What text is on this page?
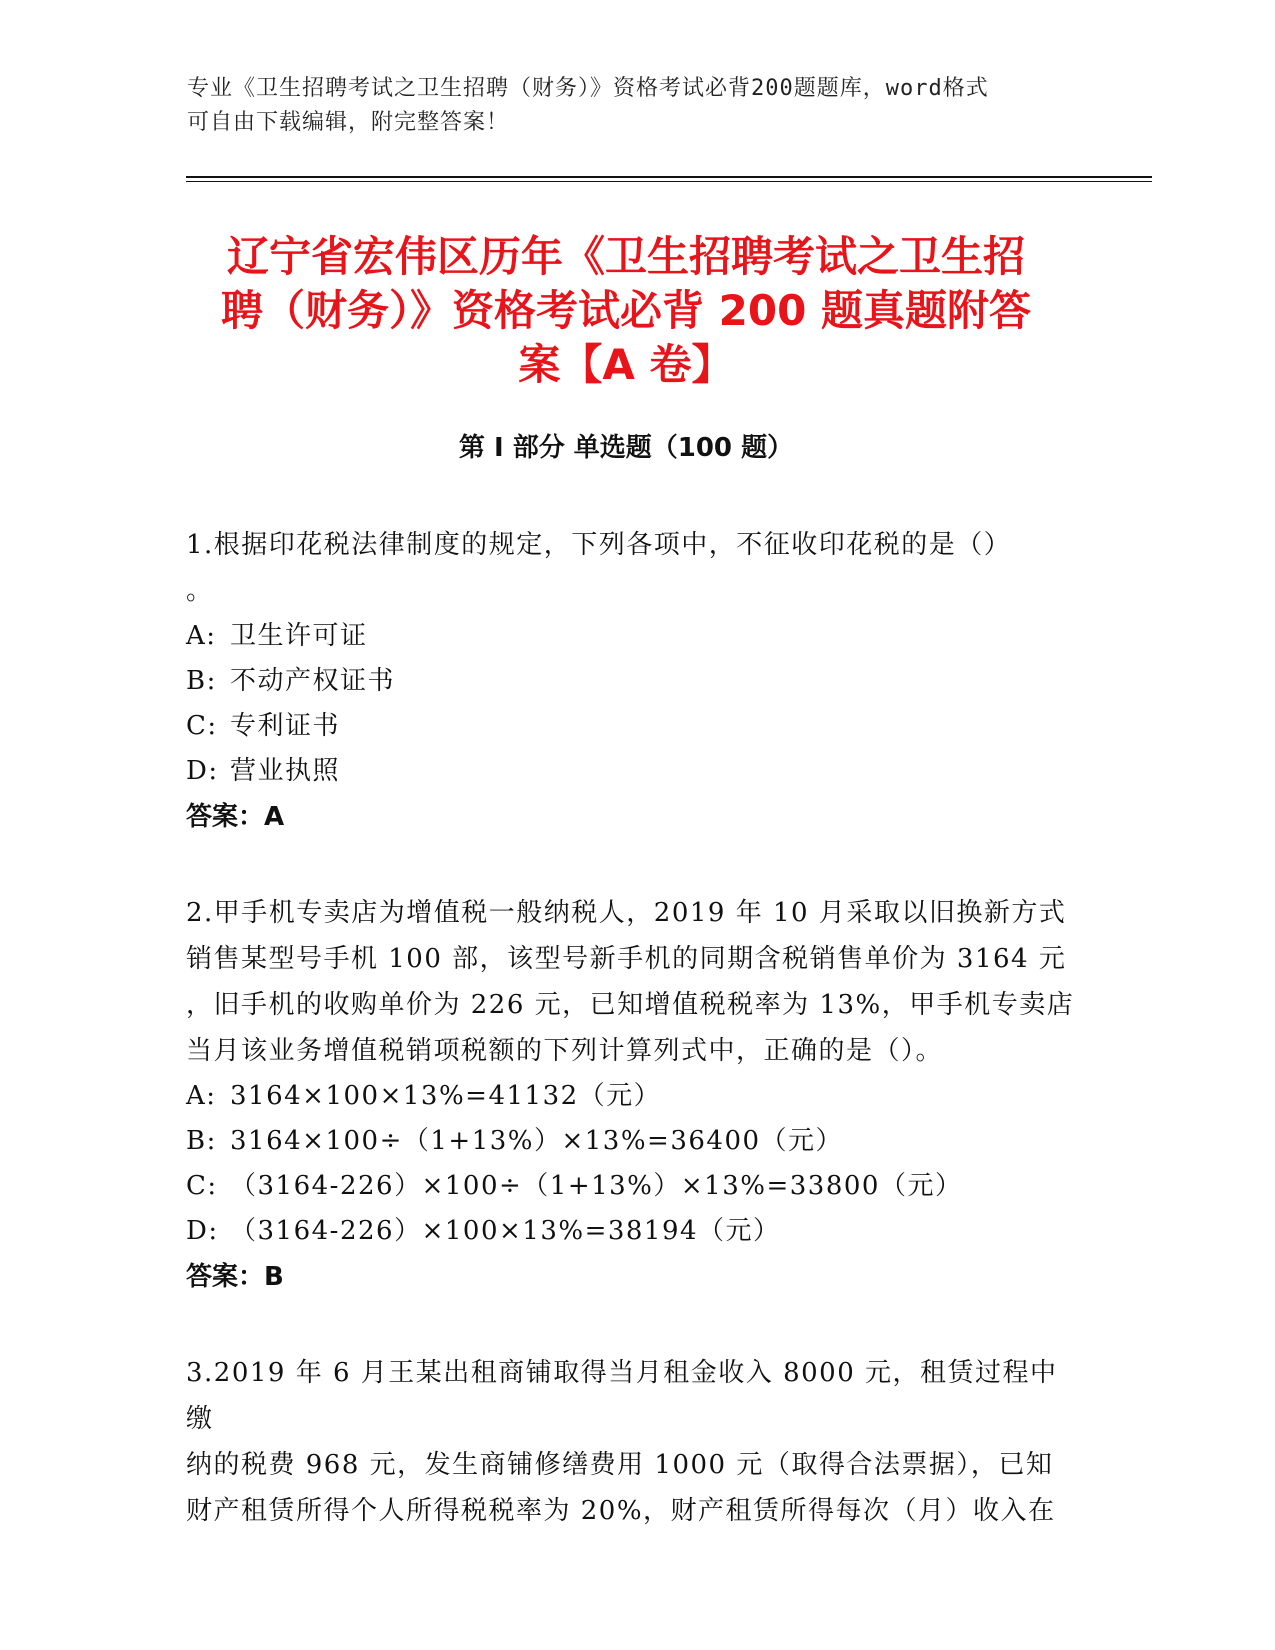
专业《卫生招聘考试之卫生招聘（财务）》资格考试必背200题题库，word格式
可自由下载编辑，附完整答案！
辽宁省宏伟区历年《卫生招聘考试之卫生招
聘（财务）》资格考试必背 200 题真题附答
案【A 卷】
第 I 部分 单选题（100 题）

1.根据印花税法律制度的规定，下列各项中，不征收印花税的是（）

。

A: 卫生许可证

B: 不动产权证书

C: 专利证书

D: 营业执照

答案：A

2.甲手机专卖店为增值税一般纳税人，2019 年 10 月采取以旧换新方式

销售某型号手机 100 部，该型号新手机的同期含税销售单价为 3164 元

，旧手机的收购单价为 226 元，已知增值税税率为 13%，甲手机专卖店

当月该业务增值税销项税额的下列计算列式中，正确的是（）。

A: 3164×100×13%=41132（元）

B: 3164×100÷（1+13%）×13%=36400（元）

C: （3164-226）×100÷（1+13%）×13%=33800（元）

D: （3164-226）×100×13%=38194（元）

答案：B

3.2019 年 6 月王某出租商铺取得当月租金收入 8000 元，租赁过程中缴

纳的税费 968 元，发生商铺修缮费用 1000 元（取得合法票据），已知

财产租赁所得个人所得税税率为 20%，财产租赁所得每次（月）收入在
